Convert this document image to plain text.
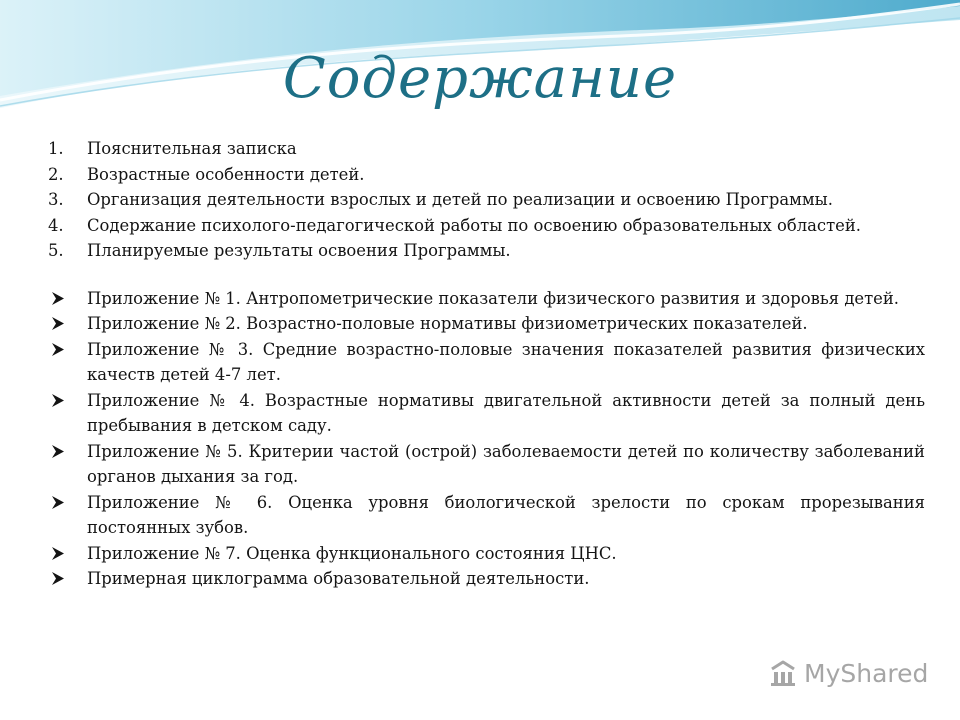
Содержание
1.	Пояснительная записка
2.	Возрастные особенности детей.
3.	Организация деятельности взрослых и детей по реализации и освоению Программы.
4.	Содержание психолого-педагогической работы по освоению образовательных областей.
5.	Планируемые результаты освоения Программы.
Приложение № 1. Антропометрические показатели физического развития и здоровья детей.
Приложение № 2. Возрастно-половые нормативы физиометрических показателей.
Приложение № 3. Средние возрастно-половые значения показателей развития физических качеств детей 4-7 лет.
Приложение № 4. Возрастные нормативы двигательной активности детей за полный день пребывания в детском саду.
Приложение № 5. Критерии частой (острой) заболеваемости детей по количеству заболеваний органов дыхания за год.
Приложение № 6. Оценка уровня биологической зрелости по срокам прорезывания постоянных зубов.
Приложение № 7. Оценка функционального состояния ЦНС.
Примерная циклограмма образовательной деятельности.
MyShared
